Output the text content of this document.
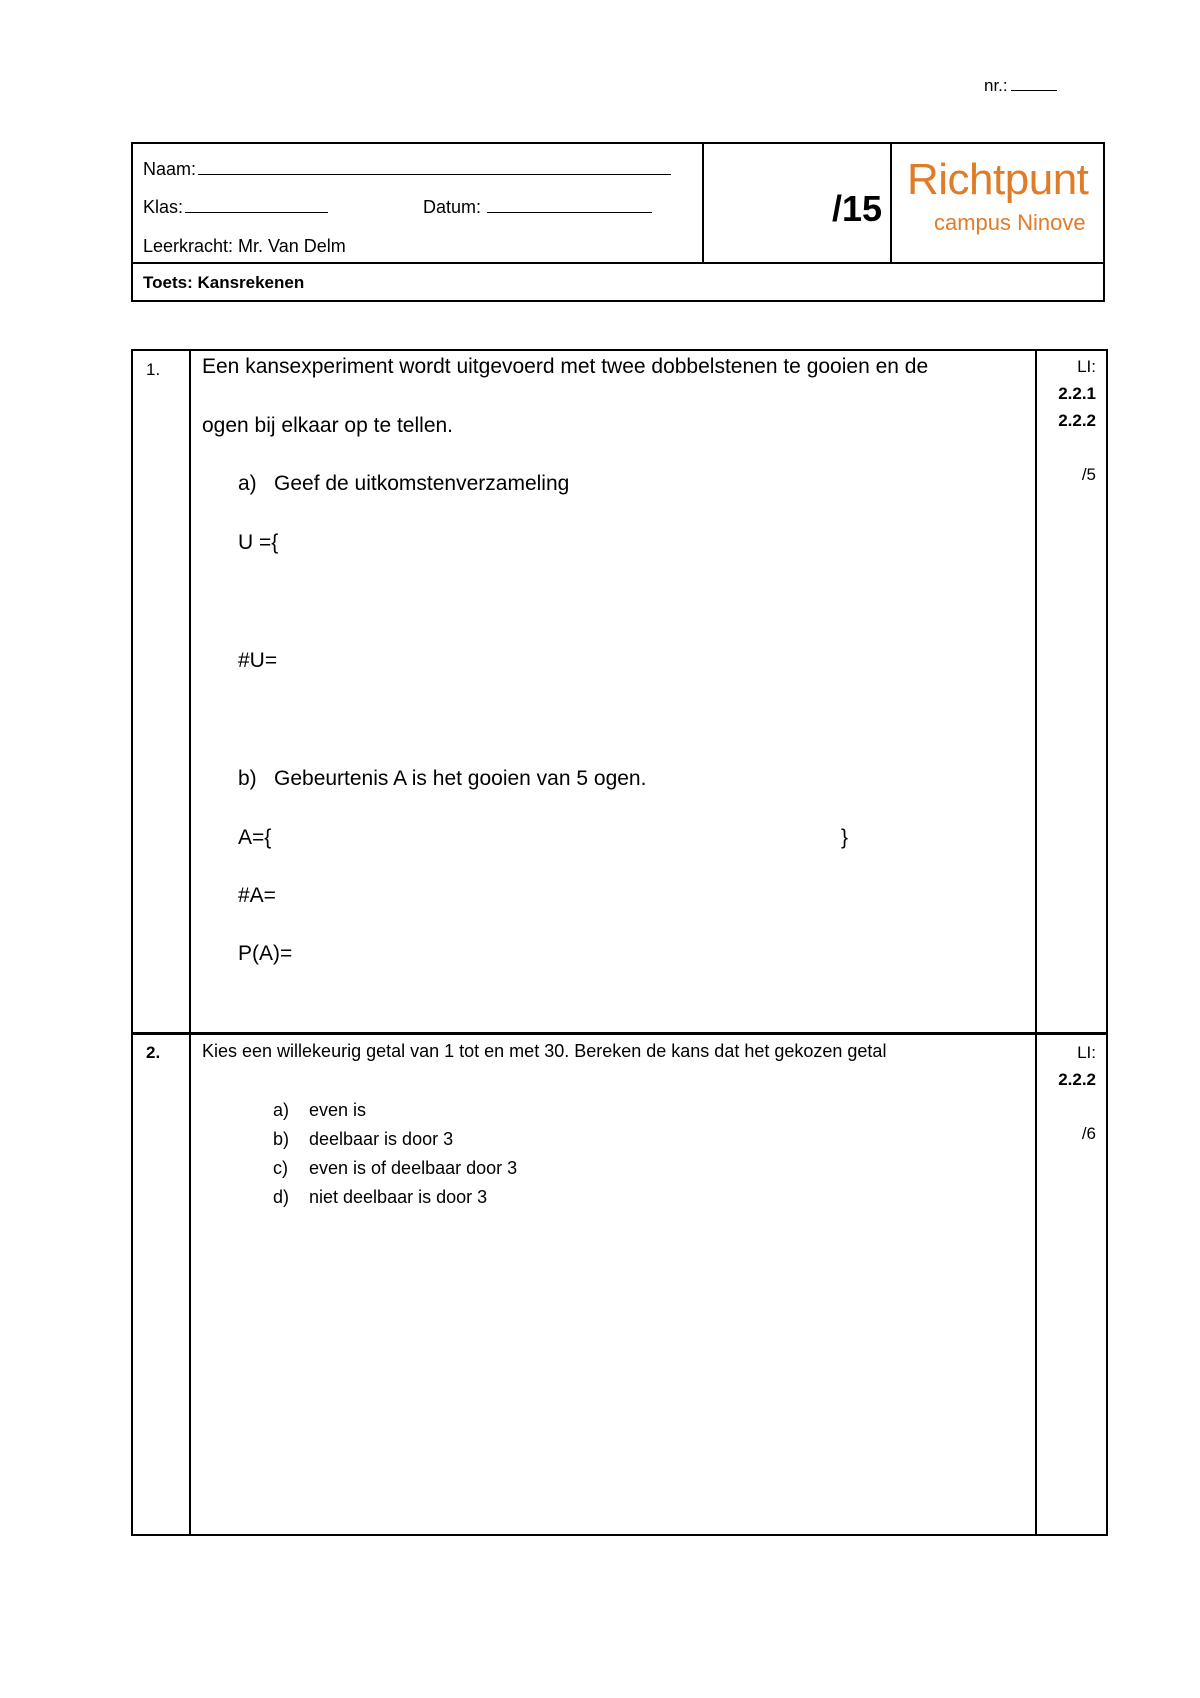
nr.:
Naam:
Klas:	Datum:
Leerkracht: Mr. Van Delm
/15
Richtpunt
campus Ninove
Toets: Kansrekenen
1. Een kansexperiment wordt uitgevoerd met twee dobbelstenen te gooien en de
ogen bij elkaar op te tellen.
a) Geef de uitkomstenverzameling
U ={
#U=
b) Gebeurtenis A is het gooien van 5 ogen.
A={	}
#A=
P(A)=
LI:
2.2.1
2.2.2
/5
2. Kies een willekeurig getal van 1 tot en met 30. Bereken de kans dat het gekozen getal
a) even is
b) deelbaar is door 3
c) even is of deelbaar door 3
d) niet deelbaar is door 3
LI:
2.2.2
/6
